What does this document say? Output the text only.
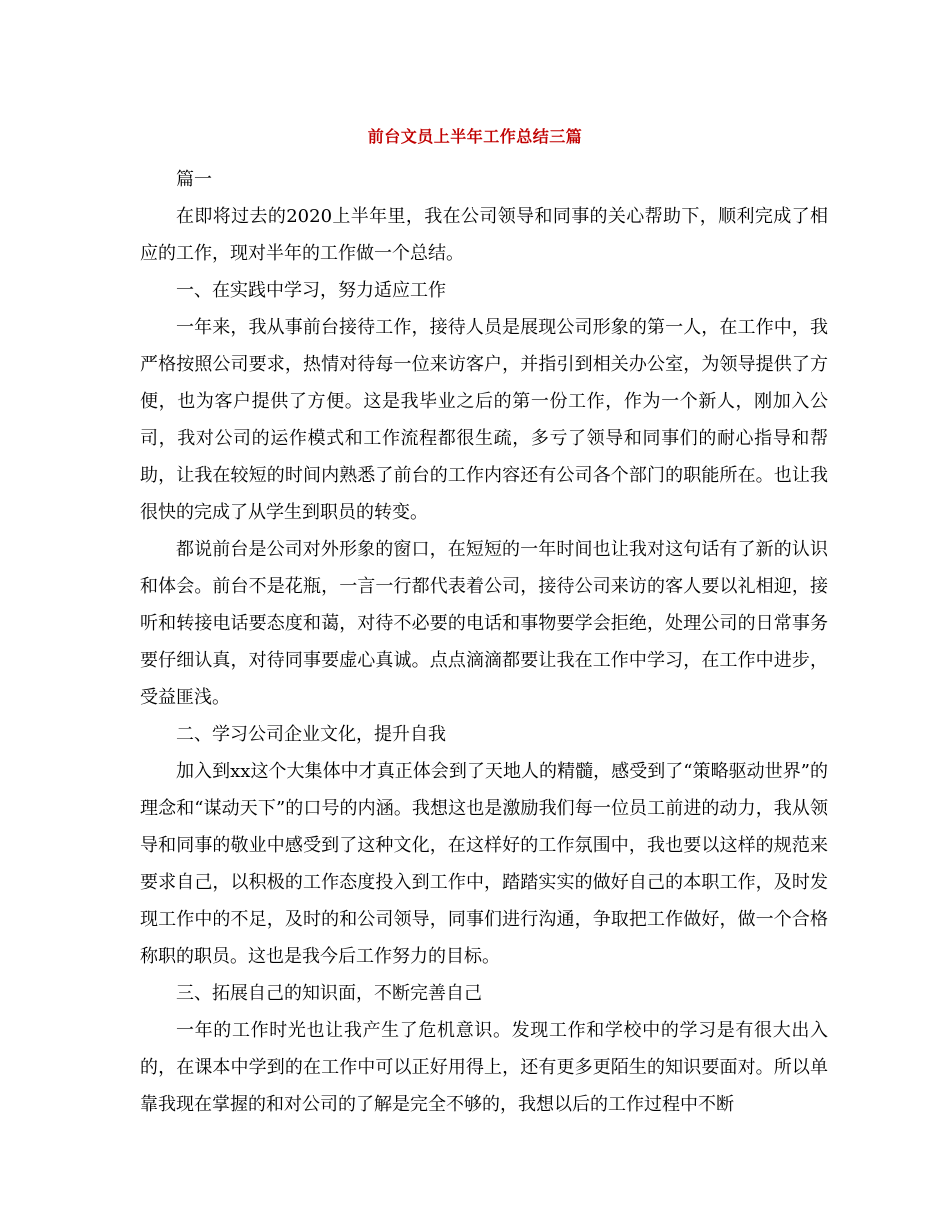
前台文员上半年工作总结三篇

篇一

在即将过去的2020上半年里，我在公司领导和同事的关心帮助下，顺利完成了相应的工作，现对半年的工作做一个总结。

一、在实践中学习，努力适应工作

一年来，我从事前台接待工作，接待人员是展现公司形象的第一人，在工作中，我严格按照公司要求，热情对待每一位来访客户，并指引到相关办公室，为领导提供了方便，也为客户提供了方便。这是我毕业之后的第一份工作，作为一个新人，刚加入公司，我对公司的运作模式和工作流程都很生疏，多亏了领导和同事们的耐心指导和帮助，让我在较短的时间内熟悉了前台的工作内容还有公司各个部门的职能所在。也让我很快的完成了从学生到职员的转变。

都说前台是公司对外形象的窗口，在短短的一年时间也让我对这句话有了新的认识和体会。前台不是花瓶，一言一行都代表着公司，接待公司来访的客人要以礼相迎，接听和转接电话要态度和蔼，对待不必要的电话和事物要学会拒绝，处理公司的日常事务要仔细认真，对待同事要虚心真诚。点点滴滴都要让我在工作中学习，在工作中进步，受益匪浅。

二、学习公司企业文化，提升自我

加入到xx这个大集体中才真正体会到了天地人的精髓，感受到了“策略驱动世界”的理念和“谋动天下”的口号的内涵。我想这也是激励我们每一位员工前进的动力，我从领导和同事的敬业中感受到了这种文化，在这样好的工作氛围中，我也要以这样的规范来要求自己，以积极的工作态度投入到工作中，踏踏实实的做好自己的本职工作，及时发现工作中的不足，及时的和公司领导，同事们进行沟通，争取把工作做好，做一个合格称职的职员。这也是我今后工作努力的目标。

三、拓展自己的知识面，不断完善自己

一年的工作时光也让我产生了危机意识。发现工作和学校中的学习是有很大出入的，在课本中学到的在工作中可以正好用得上，还有更多更陌生的知识要面对。所以单靠我现在掌握的和对公司的了解是完全不够的，我想以后的工作过程中不断
